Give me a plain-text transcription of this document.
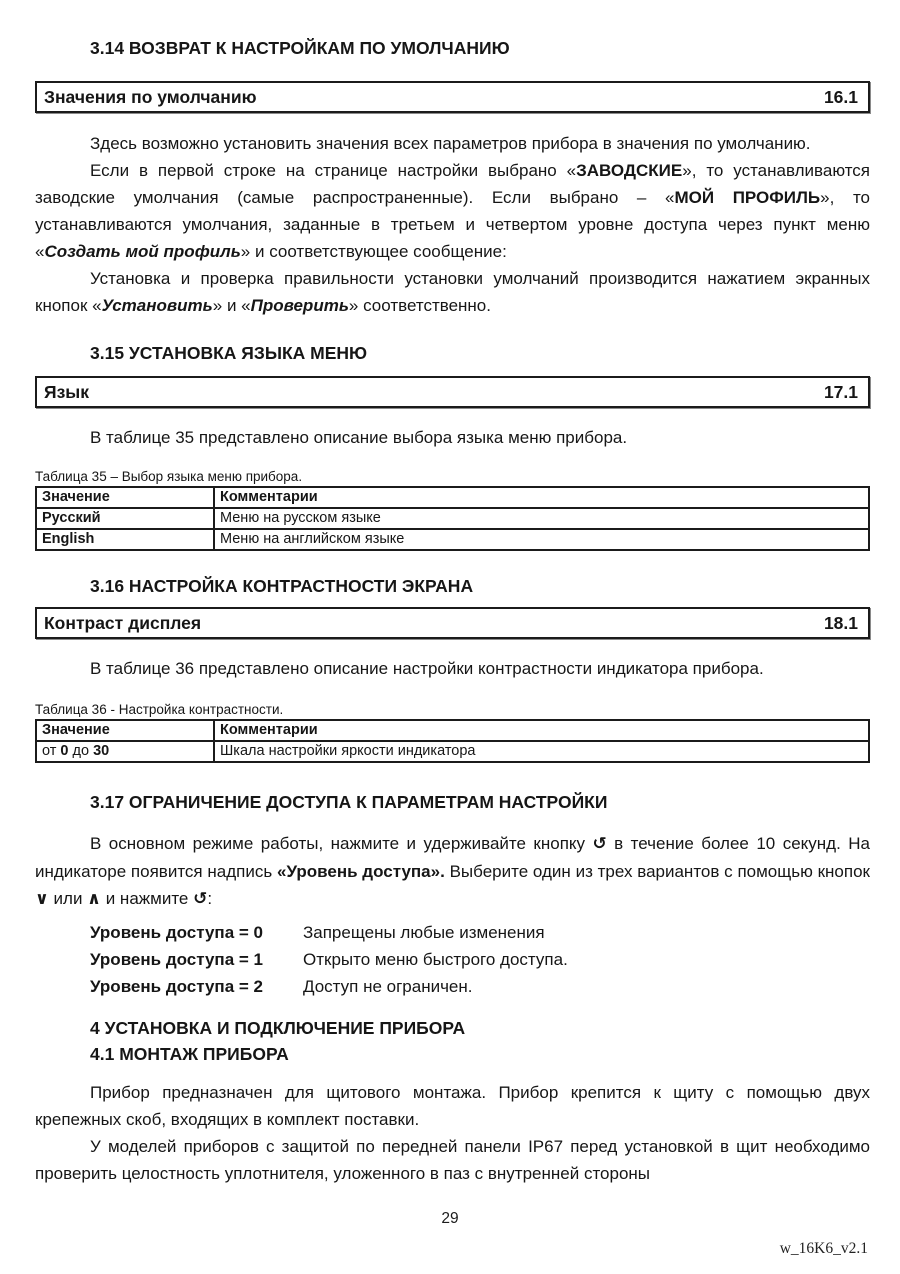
3.14 ВОЗВРАТ К НАСТРОЙКАМ ПО УМОЛЧАНИЮ
Значения по умолчанию	16.1

Здесь возможно установить значения всех параметров прибора в значения по умолчанию.

Если в первой строке на странице настройки выбрано «ЗАВОДСКИЕ», то устанавливаются заводские умолчания (самые распространенные). Если выбрано – «МОЙ ПРОФИЛЬ», то устанавливаются умолчания, заданные в третьем и четвертом уровне доступа через пункт меню «Создать мой профиль» и соответствующее сообщение:

Установка и проверка правильности установки умолчаний производится нажатием экранных кнопок «Установить» и «Проверить» соответственно.

3.15 УСТАНОВКА ЯЗЫКА МЕНЮ
Язык	17.1

В таблице 35 представлено описание выбора языка меню прибора.

Таблица 35 – Выбор языка меню прибора.
Значение	Комментарии
Русский	Меню на русском языке
English	Меню на английском языке
3.16 НАСТРОЙКА КОНТРАСТНОСТИ ЭКРАНА
Контраст дисплея	18.1

В таблице 36 представлено описание настройки контрастности индикатора прибора.

Таблица 36 - Настройка контрастности.
Значение	Комментарии
от 0 до 30	Шкала настройки яркости индикатора
3.17 ОГРАНИЧЕНИЕ ДОСТУПА К ПАРАМЕТРАМ НАСТРОЙКИ

В основном режиме работы, нажмите и удерживайте кнопку ↺ в течение более 10 секунд. На индикаторе появится надпись «Уровень доступа». Выберите один из трех вариантов с помощью кнопок ∨ или ∧ и нажмите ↺:

Уровень доступа = 0	Запрещены любые изменения
Уровень доступа = 1	Открыто меню быстрого доступа.
Уровень доступа = 2	Доступ не ограничен.
4 УСТАНОВКА И ПОДКЛЮЧЕНИЕ ПРИБОРА
4.1 МОНТАЖ ПРИБОРА

Прибор предназначен для щитового монтажа. Прибор крепится к щиту с помощью двух крепежных скоб, входящих в комплект поставки.

У моделей приборов с защитой по передней панели IP67 перед установкой в щит необходимо проверить целостность уплотнителя, уложенного в паз с внутренней стороны

29
w_16K6_v2.1
